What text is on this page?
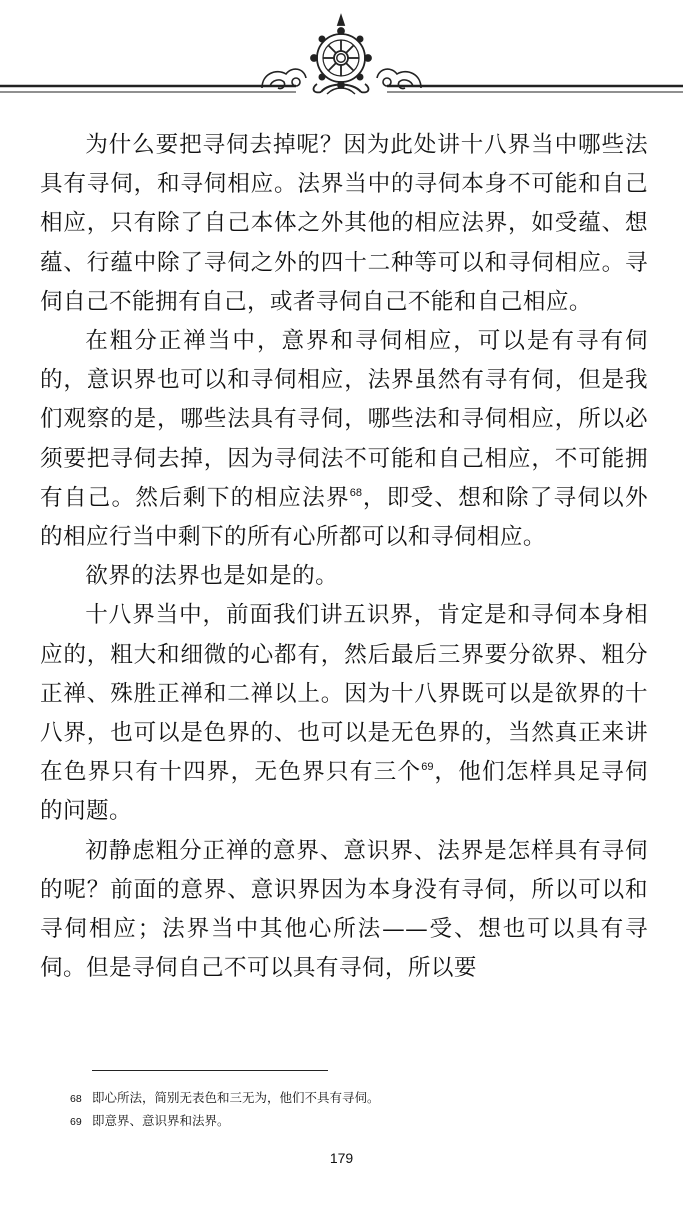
为什么要把寻伺去掉呢？因为此处讲十八界当中哪些法具有寻伺，和寻伺相应。法界当中的寻伺本身不可能和自己相应，只有除了自己本体之外其他的相应法界，如受蕴、想蕴、行蕴中除了寻伺之外的四十二种等可以和寻伺相应。寻伺自己不能拥有自己，或者寻伺自己不能和自己相应。

在粗分正禅当中，意界和寻伺相应，可以是有寻有伺的，意识界也可以和寻伺相应，法界虽然有寻有伺，但是我们观察的是，哪些法具有寻伺，哪些法和寻伺相应，所以必须要把寻伺去掉，因为寻伺法不可能和自己相应，不可能拥有自己。然后剩下的相应法界$^{68}$，即受、想和除了寻伺以外的相应行当中剩下的所有心所都可以和寻伺相应。

欲界的法界也是如是的。

十八界当中，前面我们讲五识界，肯定是和寻伺本身相应的，粗大和细微的心都有，然后最后三界要分欲界、粗分正禅、殊胜正禅和二禅以上。因为十八界既可以是欲界的十八界，也可以是色界的、也可以是无色界的，当然真正来讲在色界只有十四界，无色界只有三个$^{69}$，他们怎样具足寻伺的问题。

初静虑粗分正禅的意界、意识界、法界是怎样具有寻伺的呢？前面的意界、意识界因为本身没有寻伺，所以可以和寻伺相应；法界当中其他心所法——受、想也可以具有寻伺。但是寻伺自己不可以具有寻伺，所以要

68 即心所法，简别无表色和三无为，他们不具有寻伺。

69 即意界、意识界和法界。

179
